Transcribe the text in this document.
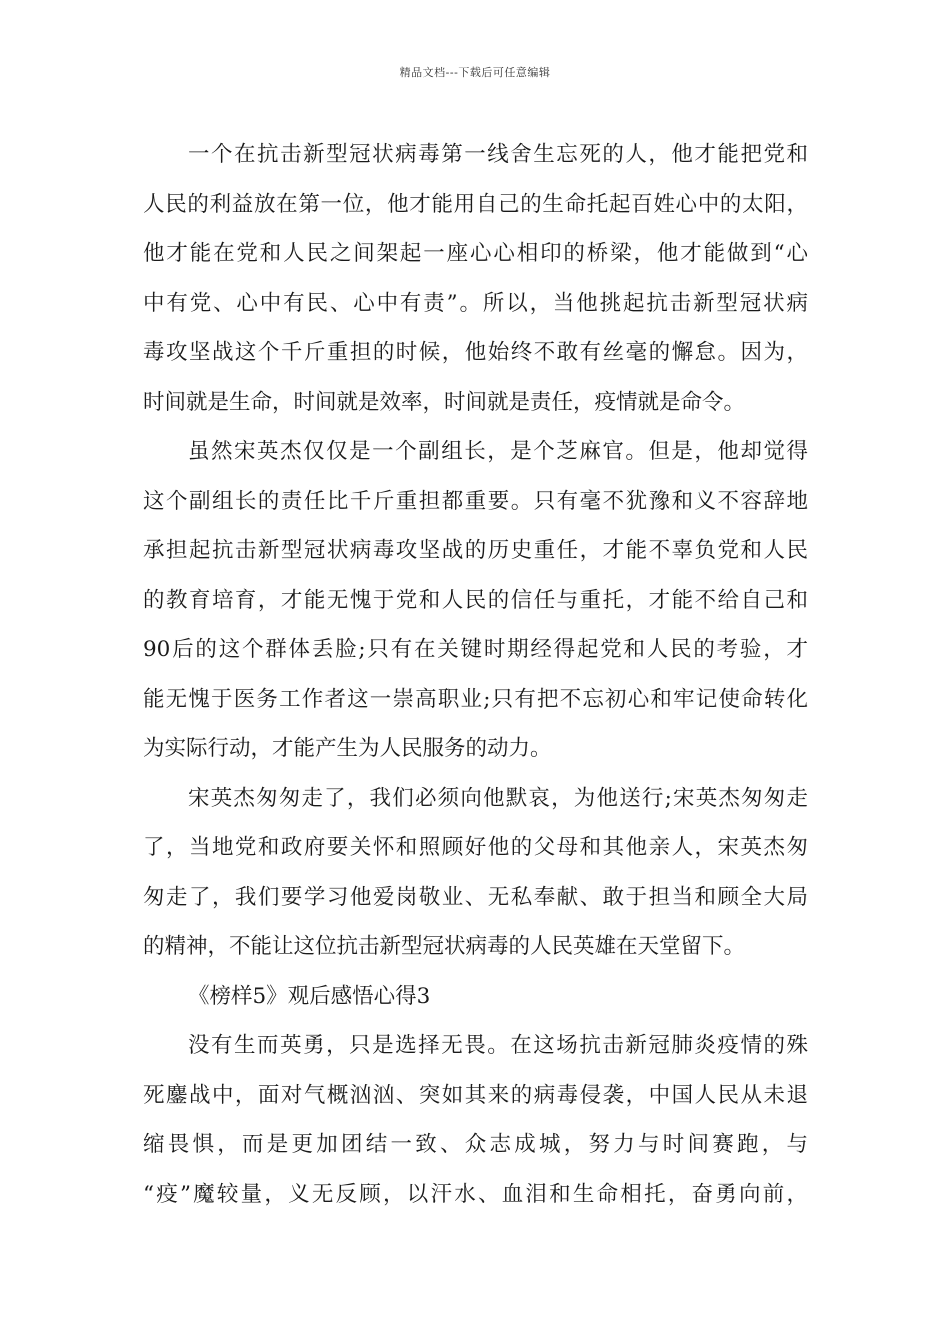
精品文档---下载后可任意编辑
一个在抗击新型冠状病毒第一线舍生忘死的人，他才能把党和
人民的利益放在第一位，他才能用自己的生命托起百姓心中的太阳，
他才能在党和人民之间架起一座心心相印的桥梁，他才能做到“心
中有党、心中有民、心中有责”。所以，当他挑起抗击新型冠状病
毒攻坚战这个千斤重担的时候，他始终不敢有丝毫的懈怠。因为，
时间就是生命，时间就是效率，时间就是责任，疫情就是命令。
虽然宋英杰仅仅是一个副组长，是个芝麻官。但是，他却觉得
这个副组长的责任比千斤重担都重要。只有毫不犹豫和义不容辞地
承担起抗击新型冠状病毒攻坚战的历史重任，才能不辜负党和人民
的教育培育，才能无愧于党和人民的信任与重托，才能不给自己和
90后的这个群体丢脸;只有在关键时期经得起党和人民的考验，才
能无愧于医务工作者这一崇高职业;只有把不忘初心和牢记使命转化
为实际行动，才能产生为人民服务的动力。
宋英杰匆匆走了，我们必须向他默哀，为他送行;宋英杰匆匆走
了，当地党和政府要关怀和照顾好他的父母和其他亲人，宋英杰匆
匆走了，我们要学习他爱岗敬业、无私奉献、敢于担当和顾全大局
的精神，不能让这位抗击新型冠状病毒的人民英雄在天堂留下。
《榜样5》观后感悟心得3
没有生而英勇，只是选择无畏。在这场抗击新冠肺炎疫情的殊
死鏖战中，面对气概汹汹、突如其来的病毒侵袭，中国人民从未退
缩畏惧，而是更加团结一致、众志成城，努力与时间赛跑，与
“疫”魔较量，义无反顾，以汗水、血泪和生命相托，奋勇向前，
